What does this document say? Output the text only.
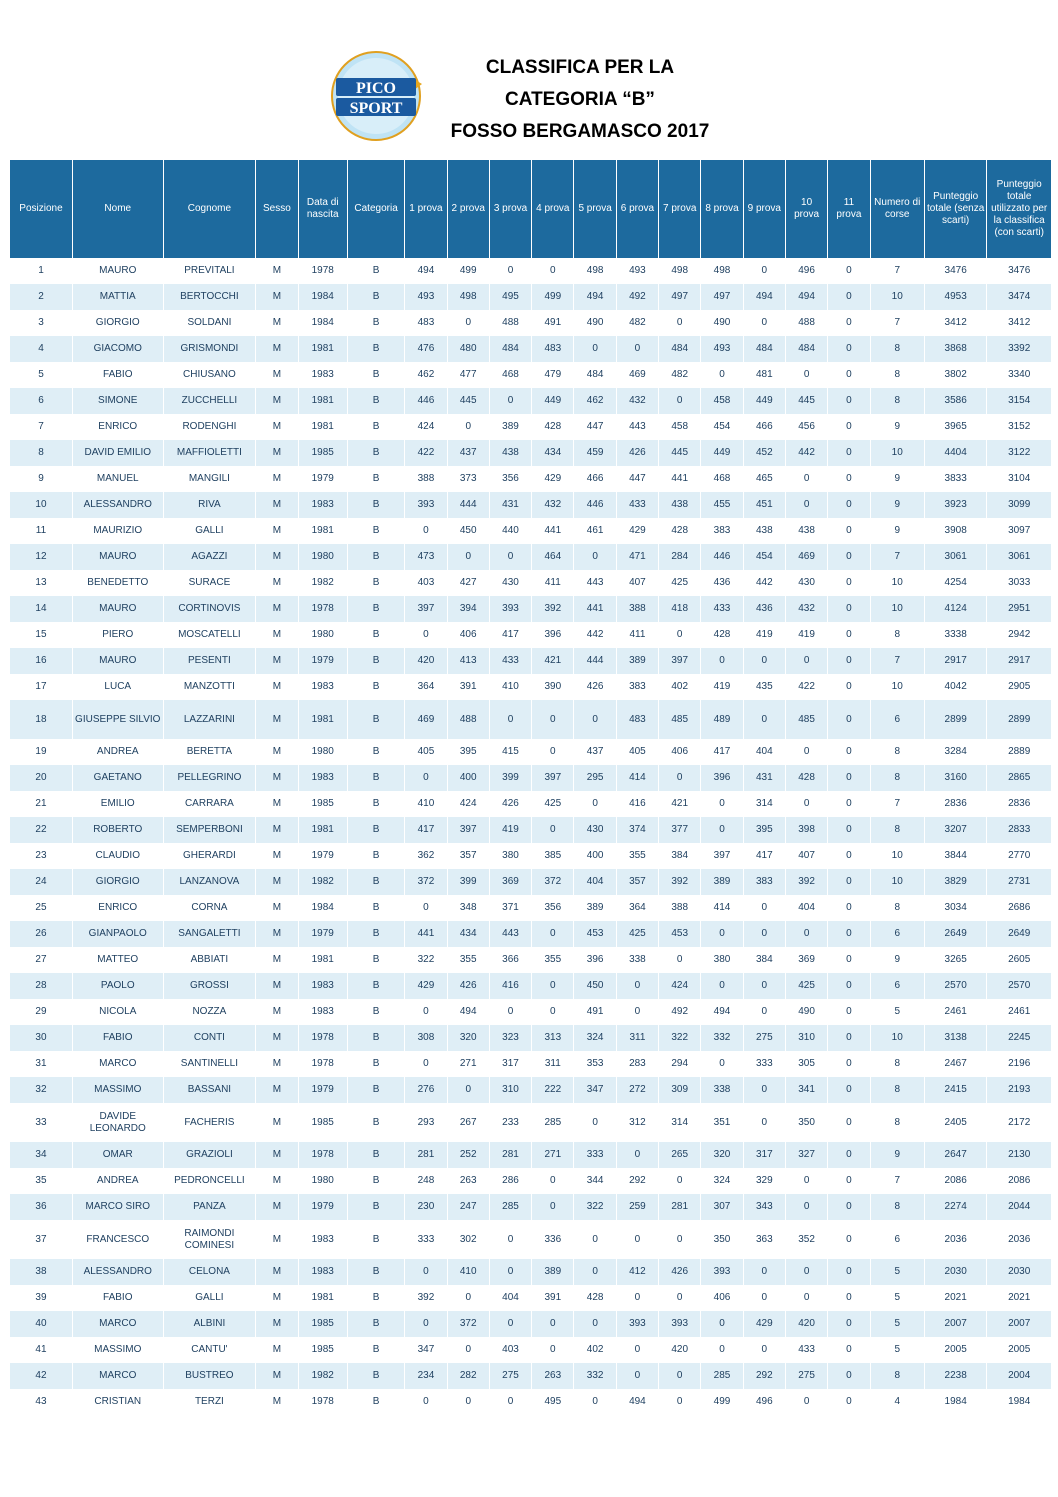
PICO
SPORT
CLASSIFICA PER LA
CATEGORIA “B”
FOSSO BERGAMASCO 2017
Posizione	Nome	Cognome	Sesso	Data di nascita	Categoria	1 prova	2 prova	3 prova	4 prova	5 prova	6 prova	7 prova	8 prova	9 prova	10 prova	11 prova	Numero di corse	Punteggio totale (senza scarti)	Punteggio totale utilizzato per la classifica (con scarti)
1	MAURO	PREVITALI	M	1978	B	494	499	0	0	498	493	498	498	0	496	0	7	3476	3476
2	MATTIA	BERTOCCHI	M	1984	B	493	498	495	499	494	492	497	497	494	494	0	10	4953	3474
3	GIORGIO	SOLDANI	M	1984	B	483	0	488	491	490	482	0	490	0	488	0	7	3412	3412
4	GIACOMO	GRISMONDI	M	1981	B	476	480	484	483	0	0	484	493	484	484	0	8	3868	3392
5	FABIO	CHIUSANO	M	1983	B	462	477	468	479	484	469	482	0	481	0	0	8	3802	3340
6	SIMONE	ZUCCHELLI	M	1981	B	446	445	0	449	462	432	0	458	449	445	0	8	3586	3154
7	ENRICO	RODENGHI	M	1981	B	424	0	389	428	447	443	458	454	466	456	0	9	3965	3152
8	DAVID EMILIO	MAFFIOLETTI	M	1985	B	422	437	438	434	459	426	445	449	452	442	0	10	4404	3122
9	MANUEL	MANGILI	M	1979	B	388	373	356	429	466	447	441	468	465	0	0	9	3833	3104
10	ALESSANDRO	RIVA	M	1983	B	393	444	431	432	446	433	438	455	451	0	0	9	3923	3099
11	MAURIZIO	GALLI	M	1981	B	0	450	440	441	461	429	428	383	438	438	0	9	3908	3097
12	MAURO	AGAZZI	M	1980	B	473	0	0	464	0	471	284	446	454	469	0	7	3061	3061
13	BENEDETTO	SURACE	M	1982	B	403	427	430	411	443	407	425	436	442	430	0	10	4254	3033
14	MAURO	CORTINOVIS	M	1978	B	397	394	393	392	441	388	418	433	436	432	0	10	4124	2951
15	PIERO	MOSCATELLI	M	1980	B	0	406	417	396	442	411	0	428	419	419	0	8	3338	2942
16	MAURO	PESENTI	M	1979	B	420	413	433	421	444	389	397	0	0	0	0	7	2917	2917
17	LUCA	MANZOTTI	M	1983	B	364	391	410	390	426	383	402	419	435	422	0	10	4042	2905
18	GIUSEPPE SILVIO	LAZZARINI	M	1981	B	469	488	0	0	0	483	485	489	0	485	0	6	2899	2899
19	ANDREA	BERETTA	M	1980	B	405	395	415	0	437	405	406	417	404	0	0	8	3284	2889
20	GAETANO	PELLEGRINO	M	1983	B	0	400	399	397	295	414	0	396	431	428	0	8	3160	2865
21	EMILIO	CARRARA	M	1985	B	410	424	426	425	0	416	421	0	314	0	0	7	2836	2836
22	ROBERTO	SEMPERBONI	M	1981	B	417	397	419	0	430	374	377	0	395	398	0	8	3207	2833
23	CLAUDIO	GHERARDI	M	1979	B	362	357	380	385	400	355	384	397	417	407	0	10	3844	2770
24	GIORGIO	LANZANOVA	M	1982	B	372	399	369	372	404	357	392	389	383	392	0	10	3829	2731
25	ENRICO	CORNA	M	1984	B	0	348	371	356	389	364	388	414	0	404	0	8	3034	2686
26	GIANPAOLO	SANGALETTI	M	1979	B	441	434	443	0	453	425	453	0	0	0	0	6	2649	2649
27	MATTEO	ABBIATI	M	1981	B	322	355	366	355	396	338	0	380	384	369	0	9	3265	2605
28	PAOLO	GROSSI	M	1983	B	429	426	416	0	450	0	424	0	0	425	0	6	2570	2570
29	NICOLA	NOZZA	M	1983	B	0	494	0	0	491	0	492	494	0	490	0	5	2461	2461
30	FABIO	CONTI	M	1978	B	308	320	323	313	324	311	322	332	275	310	0	10	3138	2245
31	MARCO	SANTINELLI	M	1978	B	0	271	317	311	353	283	294	0	333	305	0	8	2467	2196
32	MASSIMO	BASSANI	M	1979	B	276	0	310	222	347	272	309	338	0	341	0	8	2415	2193
33	DAVIDE LEONARDO	FACHERIS	M	1985	B	293	267	233	285	0	312	314	351	0	350	0	8	2405	2172
34	OMAR	GRAZIOLI	M	1978	B	281	252	281	271	333	0	265	320	317	327	0	9	2647	2130
35	ANDREA	PEDRONCELLI	M	1980	B	248	263	286	0	344	292	0	324	329	0	0	7	2086	2086
36	MARCO SIRO	PANZA	M	1979	B	230	247	285	0	322	259	281	307	343	0	0	8	2274	2044
37	FRANCESCO	RAIMONDI COMINESI	M	1983	B	333	302	0	336	0	0	0	350	363	352	0	6	2036	2036
38	ALESSANDRO	CELONA	M	1983	B	0	410	0	389	0	412	426	393	0	0	0	5	2030	2030
39	FABIO	GALLI	M	1981	B	392	0	404	391	428	0	0	406	0	0	0	5	2021	2021
40	MARCO	ALBINI	M	1985	B	0	372	0	0	0	393	393	0	429	420	0	5	2007	2007
41	MASSIMO	CANTU'	M	1985	B	347	0	403	0	402	0	420	0	0	433	0	5	2005	2005
42	MARCO	BUSTREO	M	1982	B	234	282	275	263	332	0	0	285	292	275	0	8	2238	2004
43	CRISTIAN	TERZI	M	1978	B	0	0	0	495	0	494	0	499	496	0	0	4	1984	1984
